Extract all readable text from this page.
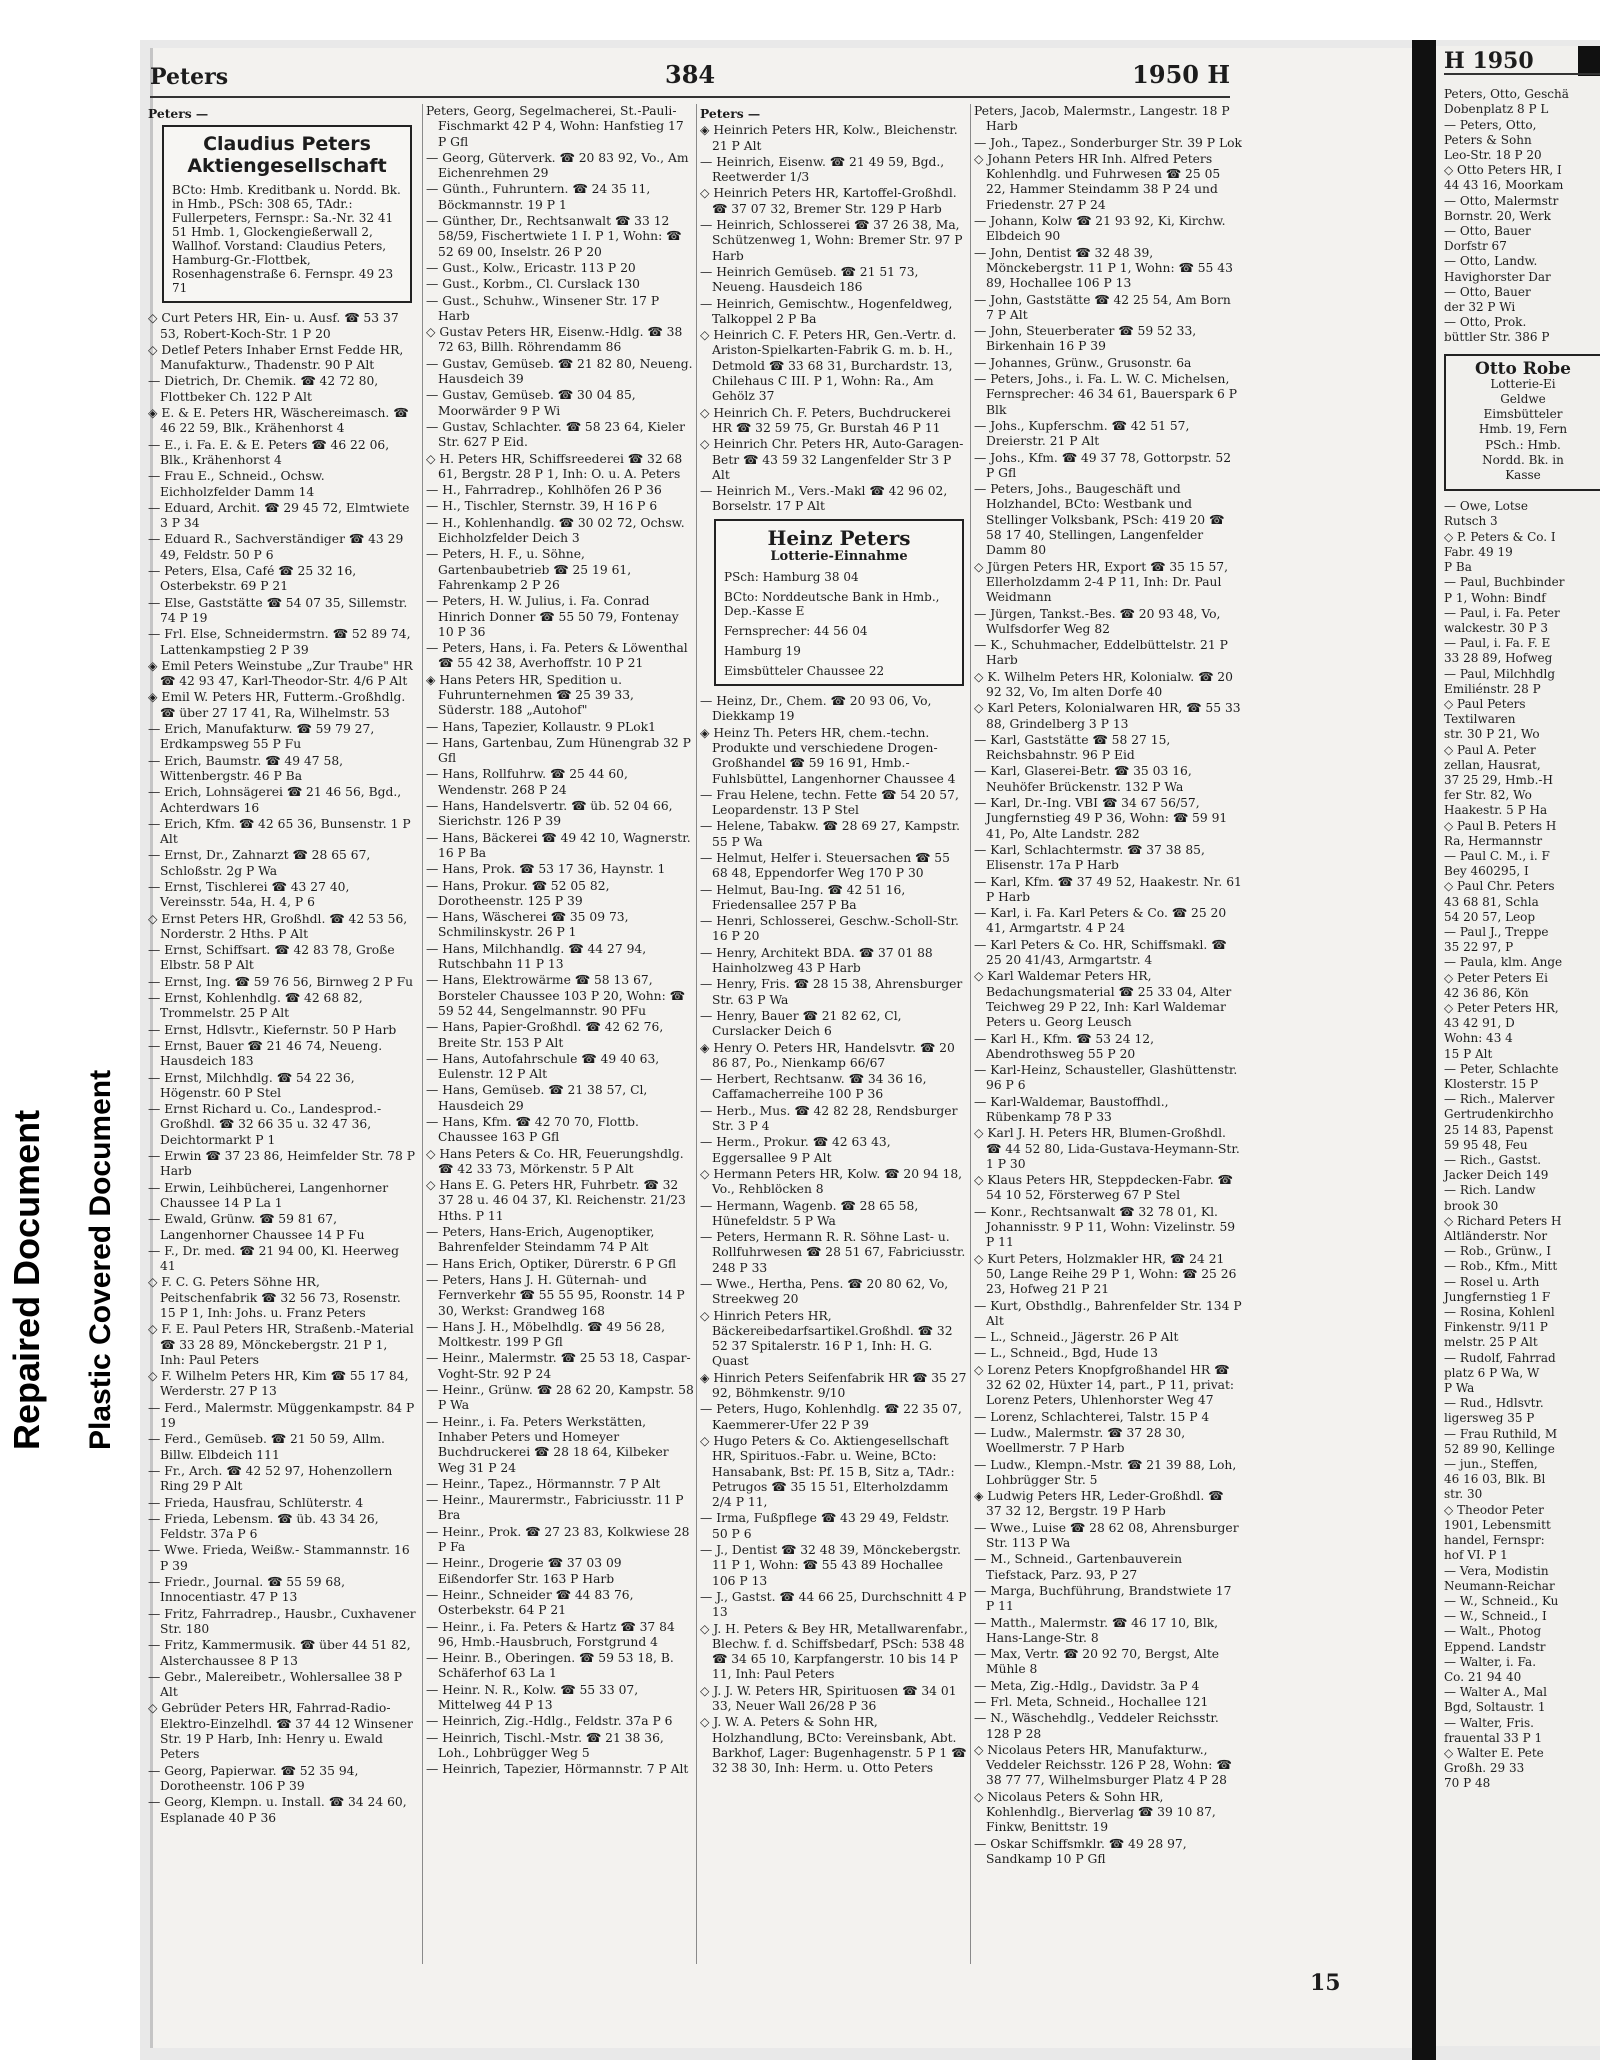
Repaired Document Plastic Covered Document
H 1950
Peters, Otto, Geschä
Dobenplatz 8 P L
— Peters, Otto,
Peters & Sohn
Leo-Str. 18 P 20
◇ Otto Peters HR, I
44 43 16, Moorkam
— Otto, Malermstr
Bornstr. 20, Werk
— Otto, Bauer
Dorfstr 67
— Otto, Landw.
Havighorster Dar
— Otto, Bauer
der 32 P Wi
— Otto, Prok.
büttler Str. 386 P
Otto Robe
Lotterie-Ei
Geldwe
Eimsbütteler
Hmb. 19, Fern
PSch.: Hmb.
Nordd. Bk. in
Kasse
— Owe, Lotse
Rutsch 3
◇ P. Peters & Co. I
Fabr. 49 19
P Ba
— Paul, Buchbinder
P 1, Wohn: Bindf
— Paul, i. Fa. Peter
walckestr. 30 P 3
— Paul, i. Fa. F. E
33 28 89, Hofweg
— Paul, Milchhdlg
Emiliénstr. 28 P
◇ Paul Peters
Textilwaren
str. 30 P 21, Wo
◇ Paul A. Peter
zellan, Hausrat,
37 25 29, Hmb.-H
fer Str. 82, Wo
Haakestr. 5 P Ha
◇ Paul B. Peters H
Ra, Hermannstr
— Paul C. M., i. F
Bey 460295, I
◇ Paul Chr. Peters
43 68 81, Schla
54 20 57, Leop
— Paul J., Treppe
35 22 97, P
— Paula, klm. Ange
◇ Peter Peters Ei
42 36 86, Kön
◇ Peter Peters HR,
43 42 91, D
Wohn: 43 4
15 P Alt
— Peter, Schlachte
Klosterstr. 15 P
— Rich., Malerver
Gertrudenkirchho
25 14 83, Papenst
59 95 48, Feu
— Rich., Gastst.
Jacker Deich 149
— Rich. Landw
brook 30
◇ Richard Peters H
Altländerstr. Nor
— Rob., Grünw., I
— Rob., Kfm., Mitt
— Rosel u. Arth
Jungfernstieg 1 F
— Rosina, Kohlenl
Finkenstr. 9/11 P
melstr. 25 P Alt
— Rudolf, Fahrrad
platz 6 P Wa, W
P Wa
— Rud., Hdlsvtr.
ligersweg 35 P
— Frau Ruthild, M
52 89 90, Kellinge
— jun., Steffen,
46 16 03, Blk. Bl
str. 30
◇ Theodor Peter
1901, Lebensmitt
handel, Fernspr:
hof VI. P 1
— Vera, Modistin
Neumann-Reichar
— W., Schneid., Ku
— W., Schneid., I
— Walt., Photog
Eppend. Landstr
— Walter, i. Fa.
Co. 21 94 40
— Walter A., Mal
Bgd, Soltaustr. 1
— Walter, Fris.
frauental 33 P 1
◇ Walter E. Pete
Großh. 29 33
70 P 48
15
Peters	384	1950 H
Peters —
Claudius Peters Aktiengesellschaft
BCto: Hmb. Kreditbank u. Nordd. Bk. in Hmb., PSch: 308 65, TAdr.: Fullerpeters, Fernspr.: Sa.-Nr. 32 41 51 Hmb. 1, Glockengießerwall 2, Wallhof. Vorstand: Claudius Peters, Hamburg-Gr.-Flottbek, Rosenhagenstraße 6. Fernspr. 49 23 71
◇ Curt Peters HR, Ein- u. Ausf. ☎ 53 37 53, Robert-Koch-Str. 1 P 20
◇ Detlef Peters Inhaber Ernst Fedde HR, Manufakturw., Thadenstr. 90 P Alt
— Dietrich, Dr. Chemik. ☎ 42 72 80, Flottbeker Ch. 122 P Alt
◈ E. & E. Peters HR, Wäschereimasch. ☎ 46 22 59, Blk., Krähenhorst 4
— E., i. Fa. E. & E. Peters ☎ 46 22 06, Blk., Krähenhorst 4
— Frau E., Schneid., Ochsw. Eichholzfelder Damm 14
— Eduard, Archit. ☎ 29 45 72, Elmtwiete 3 P 34
— Eduard R., Sachverständiger ☎ 43 29 49, Feldstr. 50 P 6
— Peters, Elsa, Café ☎ 25 32 16, Osterbekstr. 69 P 21
— Else, Gaststätte ☎ 54 07 35, Sillemstr. 74 P 19
— Frl. Else, Schneidermstrn. ☎ 52 89 74, Lattenkampstieg 2 P 39
◈ Emil Peters Weinstube „Zur Traube" HR ☎ 42 93 47, Karl-Theodor-Str. 4/6 P Alt
◈ Emil W. Peters HR, Futterm.-Großhdlg. ☎ über 27 17 41, Ra, Wilhelmstr. 53
— Erich, Manufakturw. ☎ 59 79 27, Erdkampsweg 55 P Fu
— Erich, Baumstr. ☎ 49 47 58, Wittenbergstr. 46 P Ba
— Erich, Lohnsägerei ☎ 21 46 56, Bgd., Achterdwars 16
— Erich, Kfm. ☎ 42 65 36, Bunsenstr. 1 P Alt
— Ernst, Dr., Zahnarzt ☎ 28 65 67, Schloßstr. 2g P Wa
— Ernst, Tischlerei ☎ 43 27 40, Vereinsstr. 54a, H. 4, P 6
◇ Ernst Peters HR, Großhdl. ☎ 42 53 56, Norderstr. 2 Hths. P Alt
— Ernst, Schiffsart. ☎ 42 83 78, Große Elbstr. 58 P Alt
— Ernst, Ing. ☎ 59 76 56, Birnweg 2 P Fu
— Ernst, Kohlenhdlg. ☎ 42 68 82, Trommelstr. 25 P Alt
— Ernst, Hdlsvtr., Kiefernstr. 50 P Harb
— Ernst, Bauer ☎ 21 46 74, Neueng. Hausdeich 183
— Ernst, Milchhdlg. ☎ 54 22 36, Högenstr. 60 P Stel
— Ernst Richard u. Co., Landesprod.-Großhdl. ☎ 32 66 35 u. 32 47 36, Deichtormarkt P 1
— Erwin ☎ 37 23 86, Heimfelder Str. 78 P Harb
— Erwin, Leihbücherei, Langenhorner Chaussee 14 P La 1
— Ewald, Grünw. ☎ 59 81 67, Langenhorner Chaussee 14 P Fu
— F., Dr. med. ☎ 21 94 00, Kl. Heerweg 41
◇ F. C. G. Peters Söhne HR, Peitschenfabrik ☎ 32 56 73, Rosenstr. 15 P 1, Inh: Johs. u. Franz Peters
◇ F. E. Paul Peters HR, Straßenb.-Material ☎ 33 28 89, Mönckebergstr. 21 P 1, Inh: Paul Peters
◇ F. Wilhelm Peters HR, Kim ☎ 55 17 84, Werderstr. 27 P 13
— Ferd., Malermstr. Müggenkampstr. 84 P 19
— Ferd., Gemüseb. ☎ 21 50 59, Allm. Billw. Elbdeich 111
— Fr., Arch. ☎ 42 52 97, Hohenzollern Ring 29 P Alt
— Frieda, Hausfrau, Schlüterstr. 4
— Frieda, Lebensm. ☎ üb. 43 34 26, Feldstr. 37a P 6
— Wwe. Frieda, Weißw.- Stammannstr. 16 P 39
— Friedr., Journal. ☎ 55 59 68, Innocentiastr. 47 P 13
— Fritz, Fahrradrep., Hausbr., Cuxhavener Str. 180
— Fritz, Kammermusik. ☎ über 44 51 82, Alsterchaussee 8 P 13
— Gebr., Malereibetr., Wohlersallee 38 P Alt
◇ Gebrüder Peters HR, Fahrrad-Radio-Elektro-Einzelhdl. ☎ 37 44 12 Winsener Str. 19 P Harb, Inh: Henry u. Ewald Peters
— Georg, Papierwar. ☎ 52 35 94, Dorotheenstr. 106 P 39
— Georg, Klempn. u. Install. ☎ 34 24 60, Esplanade 40 P 36
Peters, Georg, Segelmacherei, St.-Pauli-Fischmarkt 42 P 4, Wohn: Hanfstieg 17 P Gfl
— Georg, Güterverk. ☎ 20 83 92, Vo., Am Eichenrehmen 29
— Günth., Fuhruntern. ☎ 24 35 11, Böckmannstr. 19 P 1
— Günther, Dr., Rechtsanwalt ☎ 33 12 58/59, Fischertwiete 1 I. P 1, Wohn: ☎ 52 69 00, Inselstr. 26 P 20
— Gust., Kolw., Ericastr. 113 P 20
— Gust., Korbm., Cl. Curslack 130
— Gust., Schuhw., Winsener Str. 17 P Harb
◇ Gustav Peters HR, Eisenw.-Hdlg. ☎ 38 72 63, Billh. Röhrendamm 86
— Gustav, Gemüseb. ☎ 21 82 80, Neueng. Hausdeich 39
— Gustav, Gemüseb. ☎ 30 04 85, Moorwärder 9 P Wi
— Gustav, Schlachter. ☎ 58 23 64, Kieler Str. 627 P Eid.
◇ H. Peters HR, Schiffsreederei ☎ 32 68 61, Bergstr. 28 P 1, Inh: O. u. A. Peters
— H., Fahrradrep., Kohlhöfen 26 P 36
— H., Tischler, Sternstr. 39, H 16 P 6
— H., Kohlenhandlg. ☎ 30 02 72, Ochsw. Eichholzfelder Deich 3
— Peters, H. F., u. Söhne, Gartenbaubetrieb ☎ 25 19 61, Fahrenkamp 2 P 26
— Peters, H. W. Julius, i. Fa. Conrad Hinrich Donner ☎ 55 50 79, Fontenay 10 P 36
— Peters, Hans, i. Fa. Peters & Löwenthal ☎ 55 42 38, Averhoffstr. 10 P 21
◈ Hans Peters HR, Spedition u. Fuhrunternehmen ☎ 25 39 33, Süderstr. 188 „Autohof"
— Hans, Tapezier, Kollaustr. 9 PLok1
— Hans, Gartenbau, Zum Hünengrab 32 P Gfl
— Hans, Rollfuhrw. ☎ 25 44 60, Wendenstr. 268 P 24
— Hans, Handelsvertr. ☎ üb. 52 04 66, Sierichstr. 126 P 39
— Hans, Bäckerei ☎ 49 42 10, Wagnerstr. 16 P Ba
— Hans, Prok. ☎ 53 17 36, Haynstr. 1
— Hans, Prokur. ☎ 52 05 82, Dorotheenstr. 125 P 39
— Hans, Wäscherei ☎ 35 09 73, Schmilinskystr. 26 P 1
— Hans, Milchhandlg. ☎ 44 27 94, Rutschbahn 11 P 13
— Hans, Elektrowärme ☎ 58 13 67, Borsteler Chaussee 103 P 20, Wohn: ☎ 59 52 44, Sengelmannstr. 90 PFu
— Hans, Papier-Großhdl. ☎ 42 62 76, Breite Str. 153 P Alt
— Hans, Autofahrschule ☎ 49 40 63, Eulenstr. 12 P Alt
— Hans, Gemüseb. ☎ 21 38 57, Cl, Hausdeich 29
— Hans, Kfm. ☎ 42 70 70, Flottb. Chaussee 163 P Gfl
◇ Hans Peters & Co. HR, Feuerungshdlg. ☎ 42 33 73, Mörkenstr. 5 P Alt
◇ Hans E. G. Peters HR, Fuhrbetr. ☎ 32 37 28 u. 46 04 37, Kl. Reichenstr. 21/23 Hths. P 11
— Peters, Hans-Erich, Augenoptiker, Bahrenfelder Steindamm 74 P Alt
— Hans Erich, Optiker, Dürerstr. 6 P Gfl
— Peters, Hans J. H. Güternah- und Fernverkehr ☎ 55 55 95, Roonstr. 14 P 30, Werkst: Grandweg 168
— Hans J. H., Möbelhdlg. ☎ 49 56 28, Moltkestr. 199 P Gfl
— Heinr., Malermstr. ☎ 25 53 18, Caspar-Voght-Str. 92 P 24
— Heinr., Grünw. ☎ 28 62 20, Kampstr. 58 P Wa
— Heinr., i. Fa. Peters Werkstätten, Inhaber Peters und Homeyer Buchdruckerei ☎ 28 18 64, Kilbeker Weg 31 P 24
— Heinr., Tapez., Hörmannstr. 7 P Alt
— Heinr., Maurermstr., Fabriciusstr. 11 P Bra
— Heinr., Prok. ☎ 27 23 83, Kolkwiese 28 P Fa
— Heinr., Drogerie ☎ 37 03 09 Eißendorfer Str. 163 P Harb
— Heinr., Schneider ☎ 44 83 76, Osterbekstr. 64 P 21
— Heinr., i. Fa. Peters & Hartz ☎ 37 84 96, Hmb.-Hausbruch, Forstgrund 4
— Heinr. B., Oberingen. ☎ 59 53 18, B. Schäferhof 63 La 1
— Heinr. N. R., Kolw. ☎ 55 33 07, Mittelweg 44 P 13
— Heinrich, Zig.-Hdlg., Feldstr. 37a P 6
— Heinrich, Tischl.-Mstr. ☎ 21 38 36, Loh., Lohbrügger Weg 5
— Heinrich, Tapezier, Hörmannstr. 7 P Alt
Peters —
◈ Heinrich Peters HR, Kolw., Bleichenstr. 21 P Alt
— Heinrich, Eisenw. ☎ 21 49 59, Bgd., Reetwerder 1/3
◇ Heinrich Peters HR, Kartoffel-Großhdl. ☎ 37 07 32, Bremer Str. 129 P Harb
— Heinrich, Schlosserei ☎ 37 26 38, Ma, Schützenweg 1, Wohn: Bremer Str. 97 P Harb
— Heinrich Gemüseb. ☎ 21 51 73, Neueng. Hausdeich 186
— Heinrich, Gemischtw., Hogenfeldweg, Talkoppel 2 P Ba
◇ Heinrich C. F. Peters HR, Gen.-Vertr. d. Ariston-Spielkarten-Fabrik G. m. b. H., Detmold ☎ 33 68 31, Burchardstr. 13, Chilehaus C III. P 1, Wohn: Ra., Am Gehölz 37
◇ Heinrich Ch. F. Peters, Buchdruckerei HR ☎ 32 59 75, Gr. Burstah 46 P 11
◇ Heinrich Chr. Peters HR, Auto-Garagen-Betr ☎ 43 59 32 Langenfelder Str 3 P Alt
— Heinrich M., Vers.-Makl ☎ 42 96 02, Borselstr. 17 P Alt
Heinz Peters
Lotterie-Einnahme
PSch: Hamburg 38 04
BCto: Norddeutsche Bank in Hmb., Dep.-Kasse E
Fernsprecher: 44 56 04
Hamburg 19
Eimsbütteler Chaussee 22
— Heinz, Dr., Chem. ☎ 20 93 06, Vo, Diekkamp 19
◈ Heinz Th. Peters HR, chem.-techn. Produkte und verschiedene Drogen-Großhandel ☎ 59 16 91, Hmb.-Fuhlsbüttel, Langenhorner Chaussee 4
— Frau Helene, techn. Fette ☎ 54 20 57, Leopardenstr. 13 P Stel
— Helene, Tabakw. ☎ 28 69 27, Kampstr. 55 P Wa
— Helmut, Helfer i. Steuersachen ☎ 55 68 48, Eppendorfer Weg 170 P 30
— Helmut, Bau-Ing. ☎ 42 51 16, Friedensallee 257 P Ba
— Henri, Schlosserei, Geschw.-Scholl-Str. 16 P 20
— Henry, Architekt BDA. ☎ 37 01 88 Hainholzweg 43 P Harb
— Henry, Fris. ☎ 28 15 38, Ahrensburger Str. 63 P Wa
— Henry, Bauer ☎ 21 82 62, Cl, Curslacker Deich 6
◈ Henry O. Peters HR, Handelsvtr. ☎ 20 86 87, Po., Nienkamp 66/67
— Herbert, Rechtsanw. ☎ 34 36 16, Caffamacherreihe 100 P 36
— Herb., Mus. ☎ 42 82 28, Rendsburger Str. 3 P 4
— Herm., Prokur. ☎ 42 63 43, Eggersallee 9 P Alt
◇ Hermann Peters HR, Kolw. ☎ 20 94 18, Vo., Rehblöcken 8
— Hermann, Wagenb. ☎ 28 65 58, Hünefeldstr. 5 P Wa
— Peters, Hermann R. R. Söhne Last- u. Rollfuhrwesen ☎ 28 51 67, Fabriciusstr. 248 P 33
— Wwe., Hertha, Pens. ☎ 20 80 62, Vo, Streekweg 20
◇ Hinrich Peters HR, Bäckereibedarfsartikel.Großhdl. ☎ 32 52 37 Spitalerstr. 16 P 1, Inh: H. G. Quast
◈ Hinrich Peters Seifenfabrik HR ☎ 35 27 92, Böhmkenstr. 9/10
— Peters, Hugo, Kohlenhdlg. ☎ 22 35 07, Kaemmerer-Ufer 22 P 39
◇ Hugo Peters & Co. Aktiengesellschaft HR, Spirituos.-Fabr. u. Weine, BCto: Hansabank, Bst: Pf. 15 B, Sitz a, TAdr.: Petrugos ☎ 35 15 51, Elterholzdamm 2/4 P 11,
— Irma, Fußpflege ☎ 43 29 49, Feldstr. 50 P 6
— J., Dentist ☎ 32 48 39, Mönckebergstr. 11 P 1, Wohn: ☎ 55 43 89 Hochallee 106 P 13
— J., Gastst. ☎ 44 66 25, Durchschnitt 4 P 13
◇ J. H. Peters & Bey HR, Metallwarenfabr., Blechw. f. d. Schiffsbedarf, PSch: 538 48 ☎ 34 65 10, Karpfangerstr. 10 bis 14 P 11, Inh: Paul Peters
◇ J. J. W. Peters HR, Spirituosen ☎ 34 01 33, Neuer Wall 26/28 P 36
◇ J. W. A. Peters & Sohn HR, Holzhandlung, BCto: Vereinsbank, Abt. Barkhof, Lager: Bugenhagenstr. 5 P 1 ☎ 32 38 30, Inh: Herm. u. Otto Peters
Peters, Jacob, Malermstr., Langestr. 18 P Harb
— Joh., Tapez., Sonderburger Str. 39 P Lok
◇ Johann Peters HR Inh. Alfred Peters Kohlenhdlg. und Fuhrwesen ☎ 25 05 22, Hammer Steindamm 38 P 24 und Friedenstr. 27 P 24
— Johann, Kolw ☎ 21 93 92, Ki, Kirchw. Elbdeich 90
— John, Dentist ☎ 32 48 39, Mönckebergstr. 11 P 1, Wohn: ☎ 55 43 89, Hochallee 106 P 13
— John, Gaststätte ☎ 42 25 54, Am Born 7 P Alt
— John, Steuerberater ☎ 59 52 33, Birkenhain 16 P 39
— Johannes, Grünw., Grusonstr. 6a
— Peters, Johs., i. Fa. L. W. C. Michelsen, Fernsprecher: 46 34 61, Bauerspark 6 P Blk
— Johs., Kupferschm. ☎ 42 51 57, Dreierstr. 21 P Alt
— Johs., Kfm. ☎ 49 37 78, Gottorpstr. 52 P Gfl
— Peters, Johs., Baugeschäft und Holzhandel, BCto: Westbank und Stellinger Volksbank, PSch: 419 20 ☎ 58 17 40, Stellingen, Langenfelder Damm 80
◇ Jürgen Peters HR, Export ☎ 35 15 57, Ellerholzdamm 2-4 P 11, Inh: Dr. Paul Weidmann
— Jürgen, Tankst.-Bes. ☎ 20 93 48, Vo, Wulfsdorfer Weg 82
— K., Schuhmacher, Eddelbüttelstr. 21 P Harb
◇ K. Wilhelm Peters HR, Kolonialw. ☎ 20 92 32, Vo, Im alten Dorfe 40
◇ Karl Peters, Kolonialwaren HR, ☎ 55 33 88, Grindelberg 3 P 13
— Karl, Gaststätte ☎ 58 27 15, Reichsbahnstr. 96 P Eid
— Karl, Glaserei-Betr. ☎ 35 03 16, Neuhöfer Brückenstr. 132 P Wa
— Karl, Dr.-Ing. VBI ☎ 34 67 56/57, Jungfernstieg 49 P 36, Wohn: ☎ 59 91 41, Po, Alte Landstr. 282
— Karl, Schlachtermstr. ☎ 37 38 85, Elisenstr. 17a P Harb
— Karl, Kfm. ☎ 37 49 52, Haakestr. Nr. 61 P Harb
— Karl, i. Fa. Karl Peters & Co. ☎ 25 20 41, Armgartstr. 4 P 24
— Karl Peters & Co. HR, Schiffsmakl. ☎ 25 20 41/43, Armgartstr. 4
◇ Karl Waldemar Peters HR, Bedachungsmaterial ☎ 25 33 04, Alter Teichweg 29 P 22, Inh: Karl Waldemar Peters u. Georg Leusch
— Karl H., Kfm. ☎ 53 24 12, Abendrothsweg 55 P 20
— Karl-Heinz, Schausteller, Glashüttenstr. 96 P 6
— Karl-Waldemar, Baustoffhdl., Rübenkamp 78 P 33
◇ Karl J. H. Peters HR, Blumen-Großhdl. ☎ 44 52 80, Lida-Gustava-Heymann-Str. 1 P 30
◇ Klaus Peters HR, Steppdecken-Fabr. ☎ 54 10 52, Försterweg 67 P Stel
— Konr., Rechtsanwalt ☎ 32 78 01, Kl. Johannisstr. 9 P 11, Wohn: Vizelinstr. 59 P 11
◇ Kurt Peters, Holzmakler HR, ☎ 24 21 50, Lange Reihe 29 P 1, Wohn: ☎ 25 26 23, Hofweg 21 P 21
— Kurt, Obsthdlg., Bahrenfelder Str. 134 P Alt
— L., Schneid., Jägerstr. 26 P Alt
— L., Schneid., Bgd, Hude 13
◇ Lorenz Peters Knopfgroßhandel HR ☎ 32 62 02, Hüxter 14, part., P 11, privat: Lorenz Peters, Uhlenhorster Weg 47
— Lorenz, Schlachterei, Talstr. 15 P 4
— Ludw., Malermstr. ☎ 37 28 30, Woellmerstr. 7 P Harb
— Ludw., Klempn.-Mstr. ☎ 21 39 88, Loh, Lohbrügger Str. 5
◈ Ludwig Peters HR, Leder-Großhdl. ☎ 37 32 12, Bergstr. 19 P Harb
— Wwe., Luise ☎ 28 62 08, Ahrensburger Str. 113 P Wa
— M., Schneid., Gartenbauverein Tiefstack, Parz. 93, P 27
— Marga, Buchführung, Brandstwiete 17 P 11
— Matth., Malermstr. ☎ 46 17 10, Blk, Hans-Lange-Str. 8
— Max, Vertr. ☎ 20 92 70, Bergst, Alte Mühle 8
— Meta, Zig.-Hdlg., Davidstr. 3a P 4
— Frl. Meta, Schneid., Hochallee 121
— N., Wäschehdlg., Veddeler Reichsstr. 128 P 28
◇ Nicolaus Peters HR, Manufakturw., Veddeler Reichsstr. 126 P 28, Wohn: ☎ 38 77 77, Wilhelmsburger Platz 4 P 28
◇ Nicolaus Peters & Sohn HR, Kohlenhdlg., Bierverlag ☎ 39 10 87, Finkw, Benittstr. 19
— Oskar Schiffsmklr. ☎ 49 28 97, Sandkamp 10 P Gfl
